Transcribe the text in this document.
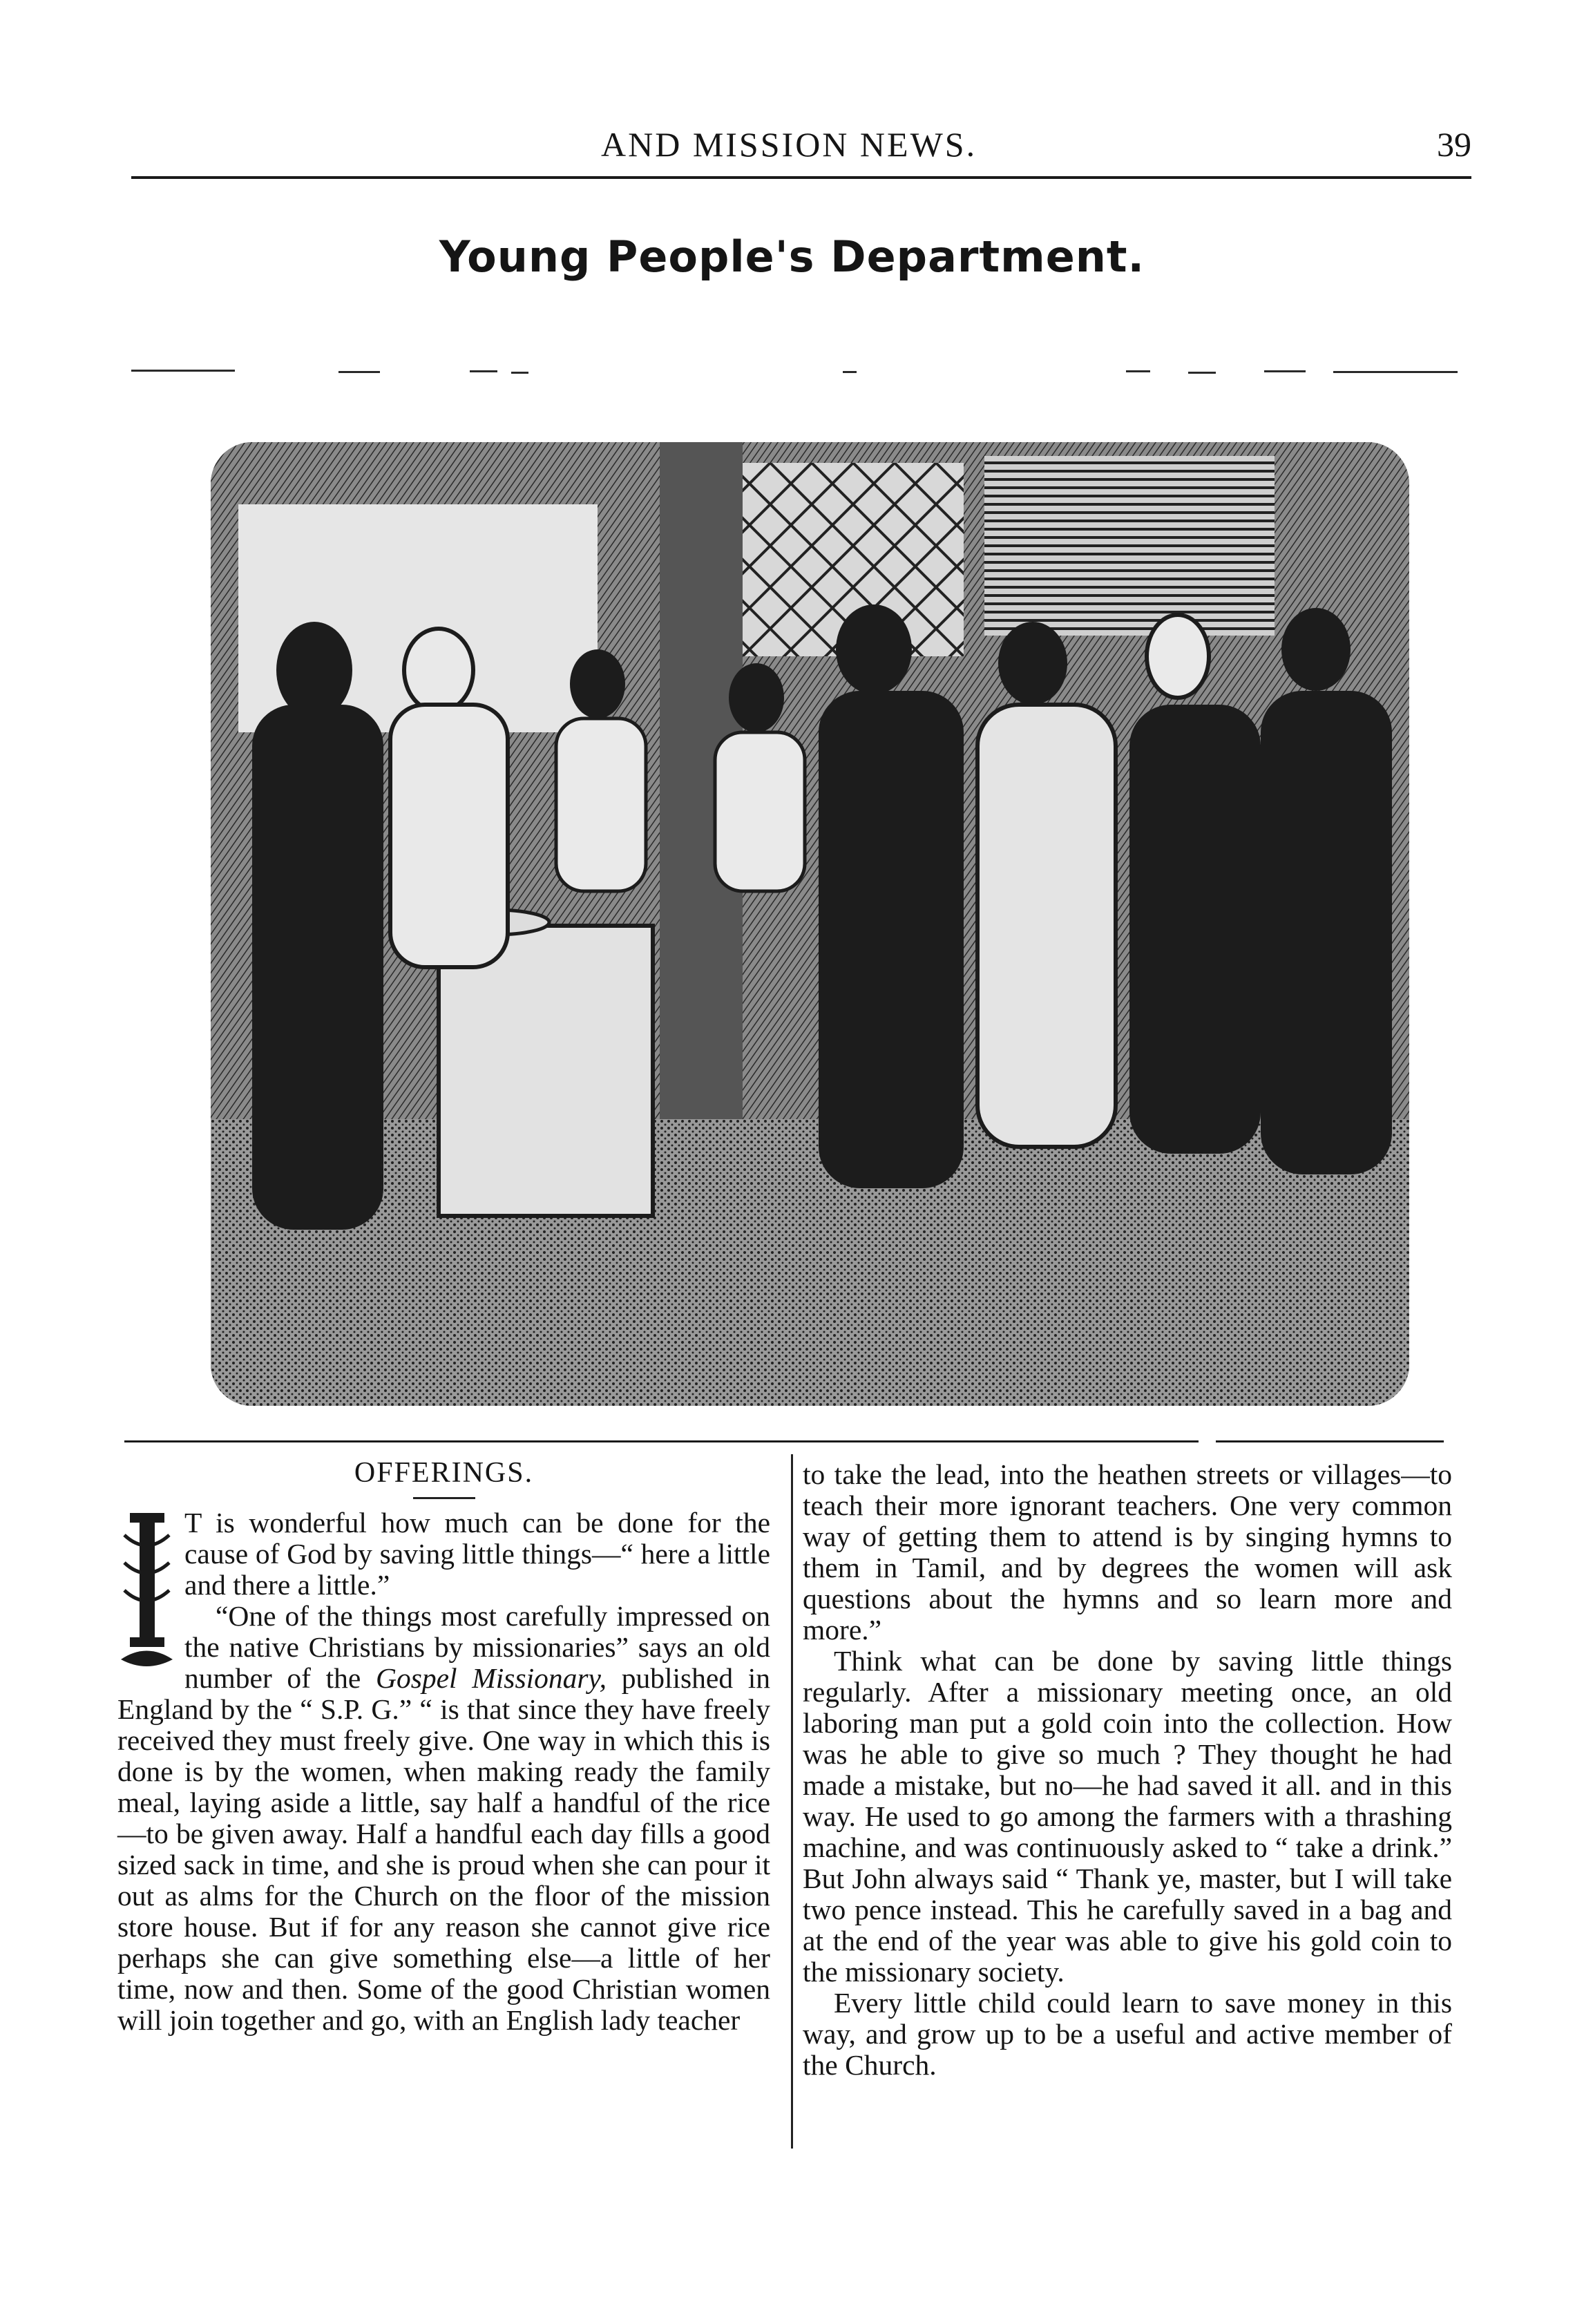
AND MISSION NEWS.	39
Young People's Department.
OFFERINGS.

T is wonderful how much can be done for the cause of God by saving little things—“ here a little and there a little.”

“One of the things most carefully impressed on the native Christians by missionaries” says an old number of the Gospel Missionary, published in England by the “ S.P. G.” “ is that since they have freely received they must freely give. One way in which this is done is by the women, when making ready the family meal, laying aside a little, say half a handful of the rice—to be given away. Half a handful each day fills a good sized sack in time, and she is proud when she can pour it out as alms for the Church on the floor of the mission store house. But if for any reason she cannot give rice perhaps she can give something else—a little of her time, now and then. Some of the good Christian women will join together and go, with an English lady teacher

to take the lead, into the heathen streets or villages—to teach their more ignorant teachers. One very common way of getting them to attend is by singing hymns to them in Tamil, and by degrees the women will ask questions about the hymns and so learn more and more.”

Think what can be done by saving little things regularly. After a missionary meeting once, an old laboring man put a gold coin into the collection. How was he able to give so much ? They thought he had made a mistake, but no—he had saved it all. and in this way. He used to go among the farmers with a thrashing machine, and was continuously asked to “ take a drink.” But John always said “ Thank ye, master, but I will take two pence instead. This he carefully saved in a bag and at the end of the year was able to give his gold coin to the missionary society.

Every little child could learn to save money in this way, and grow up to be a useful and active member of the Church.
